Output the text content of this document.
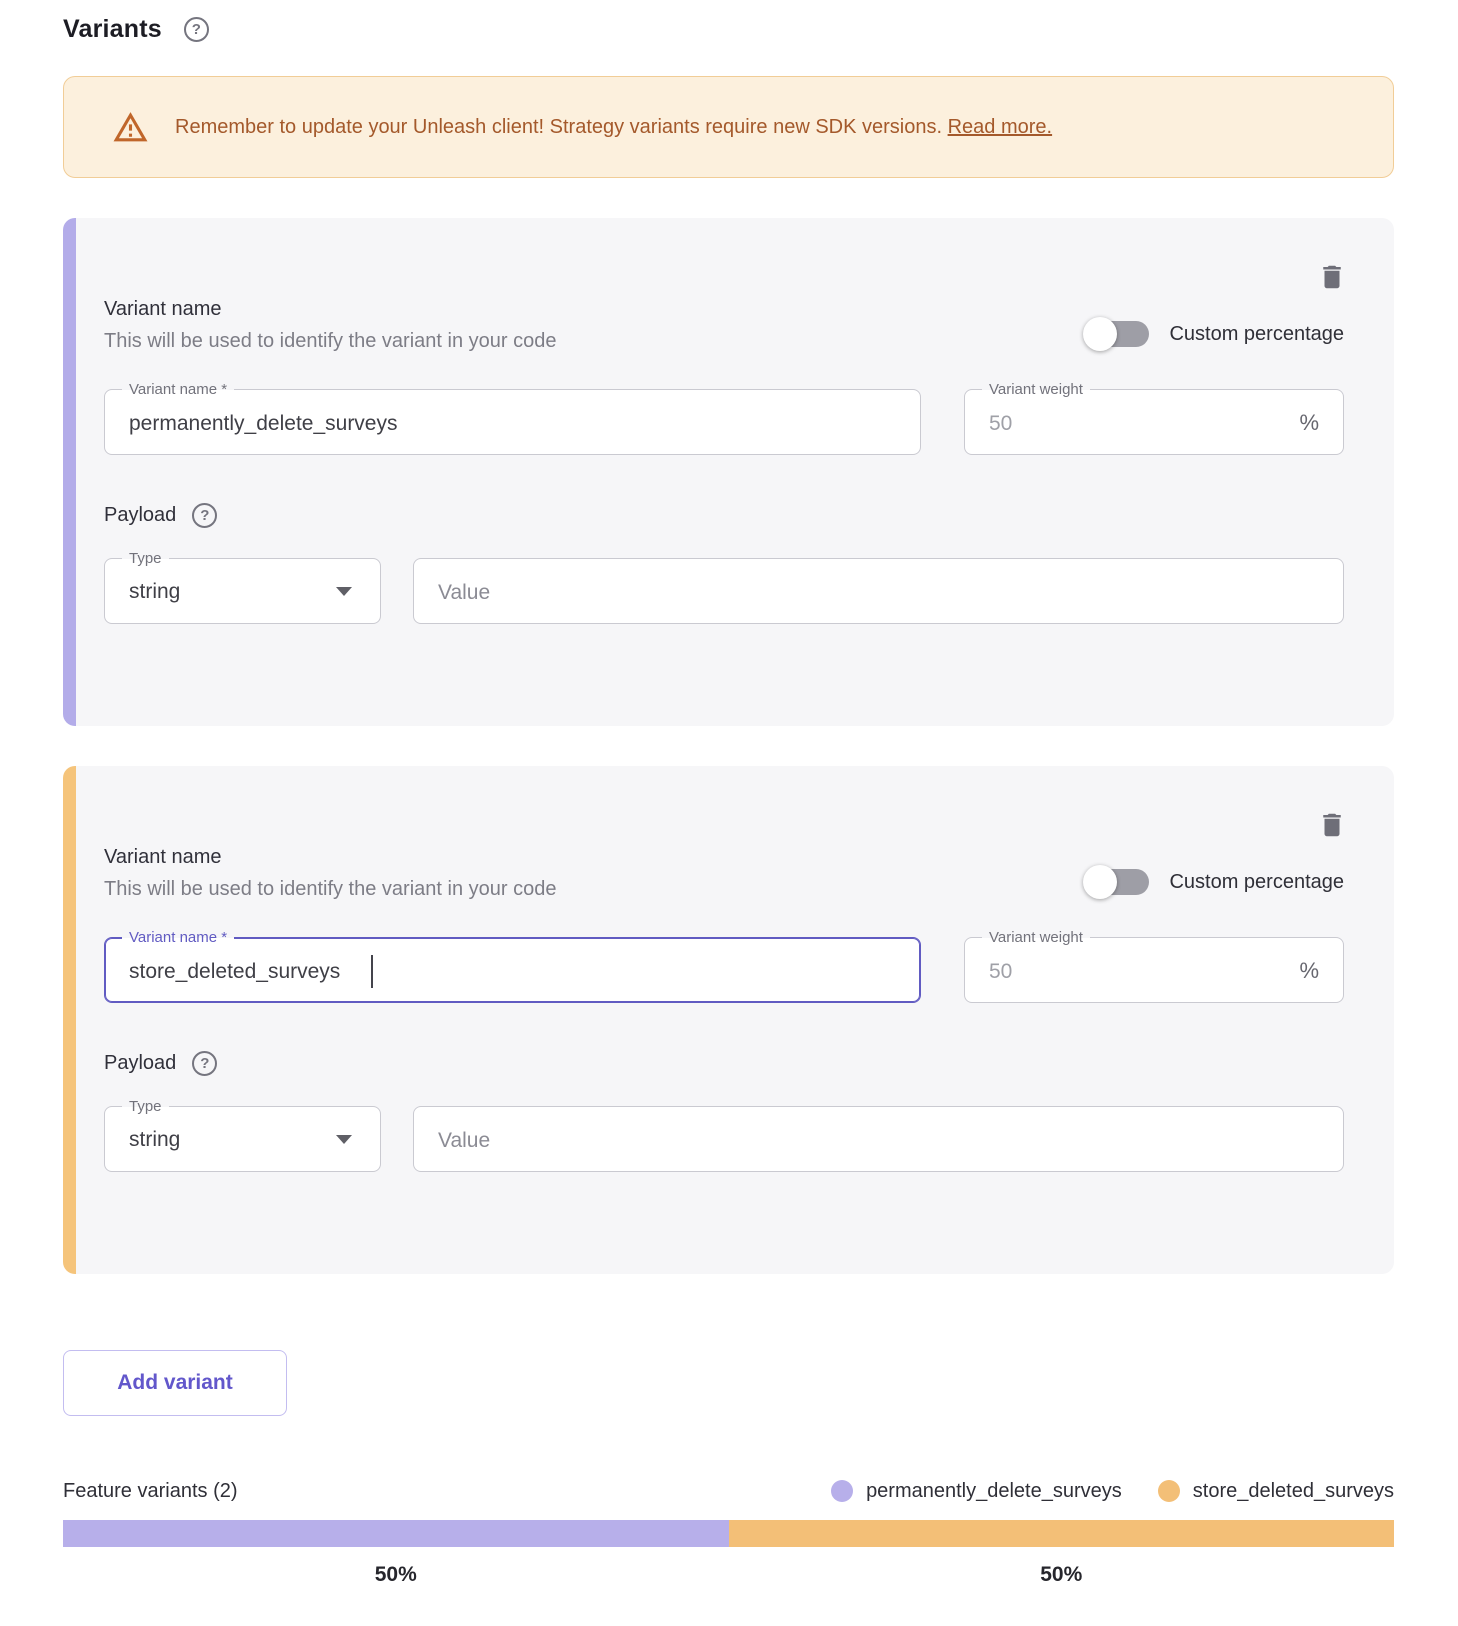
Variants	?
Remember to update your Unleash client! Strategy variants require new SDK versions. Read more.
Variant name
This will be used to identify the variant in your code	Custom percentage
Variant name *
permanently_delete_surveys	Variant weight
50
%
Payload	?
Type
string
Value
Variant name
This will be used to identify the variant in your code	Custom percentage
Variant name *
store_deleted_surveys	Variant weight
50
%
Payload	?
Type
string
Value
Add variant
Feature variants (2)	permanently_delete_surveys	store_deleted_surveys
50%	50%
